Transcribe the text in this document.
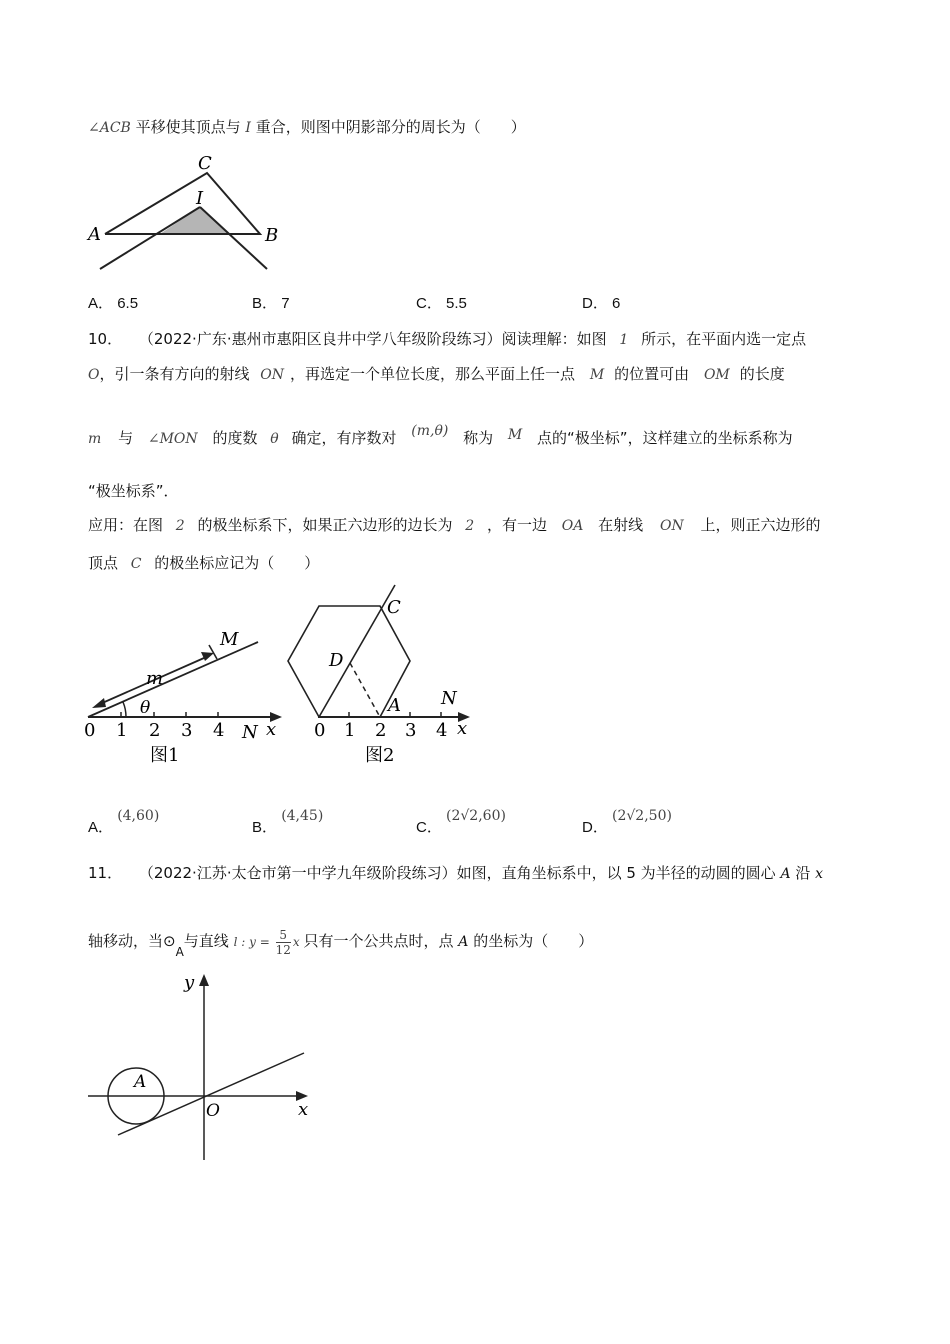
∠ACB 平移使其顶点与 I 重合，则图中阴影部分的周长为（　　）
C
I
A	B
A． 6.5	B． 7	C． 5.5	D． 6
10． （2022·广东·惠州市惠阳区良井中学八年级阶段练习）阅读理解：如图 1 所示，在平面内选一定点
O，引一条有方向的射线 ON ，再选定一个单位长度，那么平面上任一点 M 的位置可由 OM 的长度
m 与 ∠MON 的度数 θ 确定，有序数对 (m,θ) 称为 M 点的“极坐标”，这样建立的坐标系称为
“极坐标系”．
应用：在图 2 的极坐标系下，如果正六边形的边长为 2 ，有一边 OA 在射线 ON 上，则正六边形的
顶点 C 的极坐标应记为（　　）
0 1 2 3 4 N x
M
m
θ
图1
C
D
A N
0 1 2 3 4 x
图2
A． (4,60)
B． (4,45)
C． (2√2,60)
D． (2√2,50)
11． （2022·江苏·太仓市第一中学九年级阶段练习）如图，直角坐标系中，以 5 为半径的动圆的圆心 A 沿 x
轴移动，当$⊙_A$与直线 $_{l : y = \frac{5}{12} x}$ 只有一个公共点时，点 A 的坐标为（　　）
y
x
O
A
